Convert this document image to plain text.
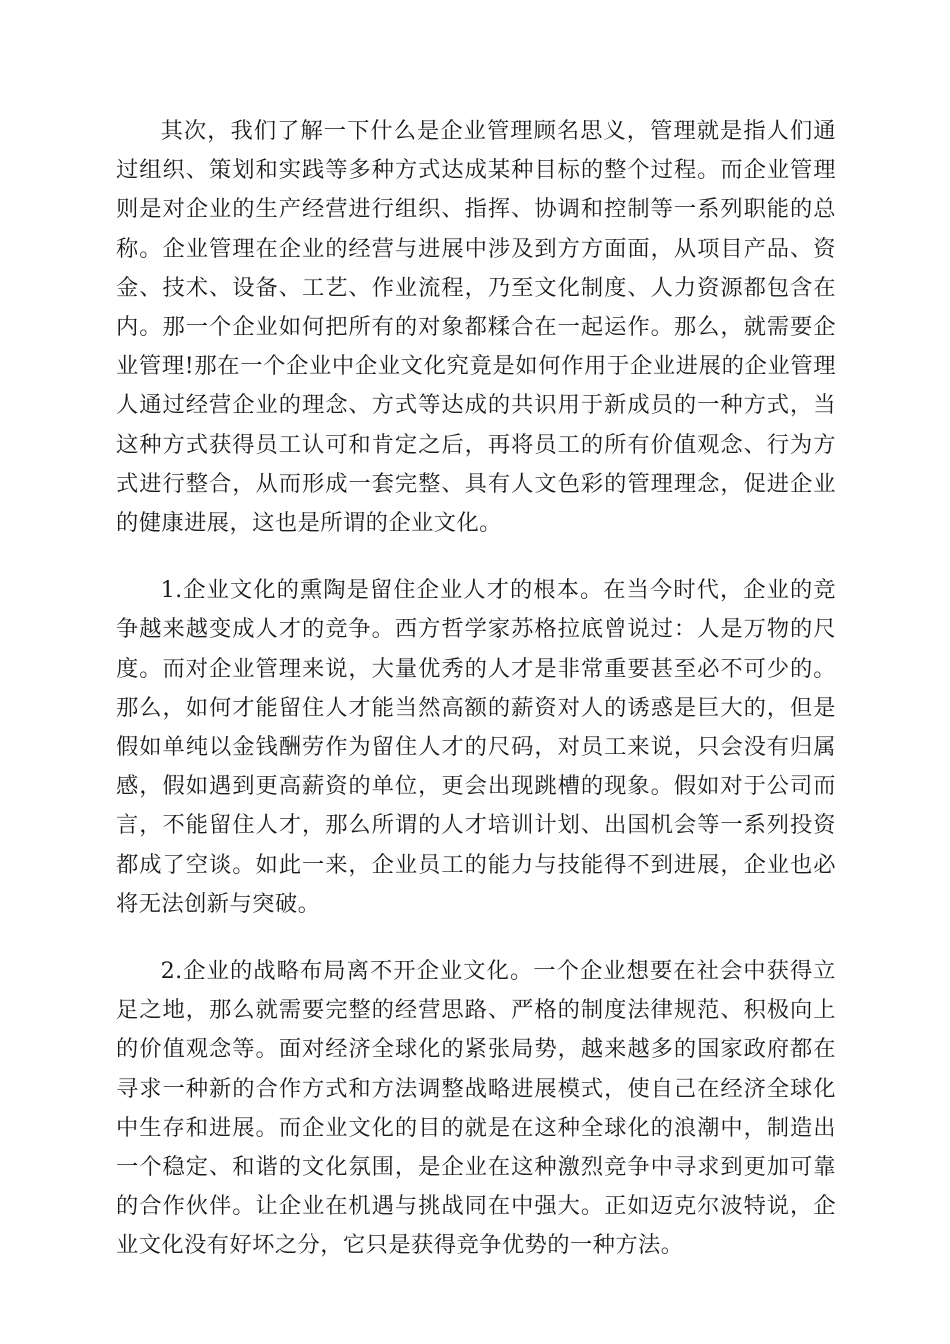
其次，我们了解一下什么是企业管理顾名思义，管理就是指人们通过组织、策划和实践等多种方式达成某种目标的整个过程。而企业管理则是对企业的生产经营进行组织、指挥、协调和控制等一系列职能的总称。企业管理在企业的经营与进展中涉及到方方面面，从项目产品、资金、技术、设备、工艺、作业流程，乃至文化制度、人力资源都包含在内。那一个企业如何把所有的对象都糅合在一起运作。那么，就需要企业管理!那在一个企业中企业文化究竟是如何作用于企业进展的企业管理人通过经营企业的理念、方式等达成的共识用于新成员的一种方式，当这种方式获得员工认可和肯定之后，再将员工的所有价值观念、行为方式进行整合，从而形成一套完整、具有人文色彩的管理理念，促进企业的健康进展，这也是所谓的企业文化。

1.企业文化的熏陶是留住企业人才的根本。在当今时代，企业的竞争越来越变成人才的竞争。西方哲学家苏格拉底曾说过：人是万物的尺度。而对企业管理来说，大量优秀的人才是非常重要甚至必不可少的。那么，如何才能留住人才能当然高额的薪资对人的诱惑是巨大的，但是假如单纯以金钱酬劳作为留住人才的尺码，对员工来说，只会没有归属感，假如遇到更高薪资的单位，更会出现跳槽的现象。假如对于公司而言，不能留住人才，那么所谓的人才培训计划、出国机会等一系列投资都成了空谈。如此一来，企业员工的能力与技能得不到进展，企业也必将无法创新与突破。

2.企业的战略布局离不开企业文化。一个企业想要在社会中获得立足之地，那么就需要完整的经营思路、严格的制度法律规范、积极向上的价值观念等。面对经济全球化的紧张局势，越来越多的国家政府都在寻求一种新的合作方式和方法调整战略进展模式，使自己在经济全球化中生存和进展。而企业文化的目的就是在这种全球化的浪潮中，制造出一个稳定、和谐的文化氛围，是企业在这种激烈竞争中寻求到更加可靠的合作伙伴。让企业在机遇与挑战同在中强大。正如迈克尔波特说，企业文化没有好坏之分，它只是获得竞争优势的一种方法。
